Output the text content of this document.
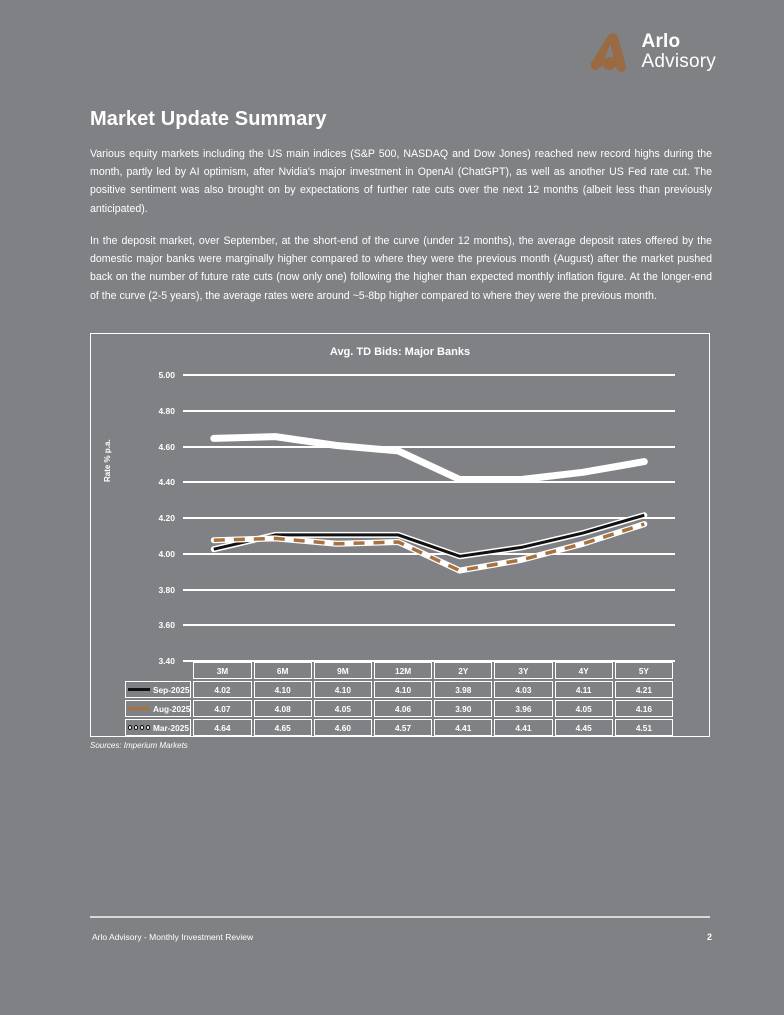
Arlo
Advisory
Market Update Summary
Various equity markets including the US main indices (S&P 500, NASDAQ and Dow Jones) reached new record highs during the month, partly led by AI optimism, after Nvidia's major investment in OpenAI (ChatGPT), as well as another US Fed rate cut. The positive sentiment was also brought on by expectations of further rate cuts over the next 12 months (albeit less than previously anticipated).
In the deposit market, over September, at the short-end of the curve (under 12 months), the average deposit rates offered by the domestic major banks were marginally higher compared to where they were the previous month (August) after the market pushed back on the number of future rate cuts (now only one) following the higher than expected monthly inflation figure. At the longer-end of the curve (2-5 years), the average rates were around ~5-8bp higher compared to where they were the previous month.
Avg. TD Bids: Major Banks
Rate % p.a.
5.00
4.80
4.60
4.40
4.20
4.00
3.80
3.60
3.40
	3M	6M	9M	12M	2Y	3Y	4Y	5Y

Sep-2025	4.02	4.10	4.10	4.10	3.98	4.03	4.11	4.21

Aug-2025	4.07	4.08	4.05	4.06	3.90	3.96	4.05	4.16

Mar-2025	4.64	4.65	4.60	4.57	4.41	4.41	4.45	4.51
Sources: Imperium Markets
Arlo Advisory - Monthly Investment Review	2
